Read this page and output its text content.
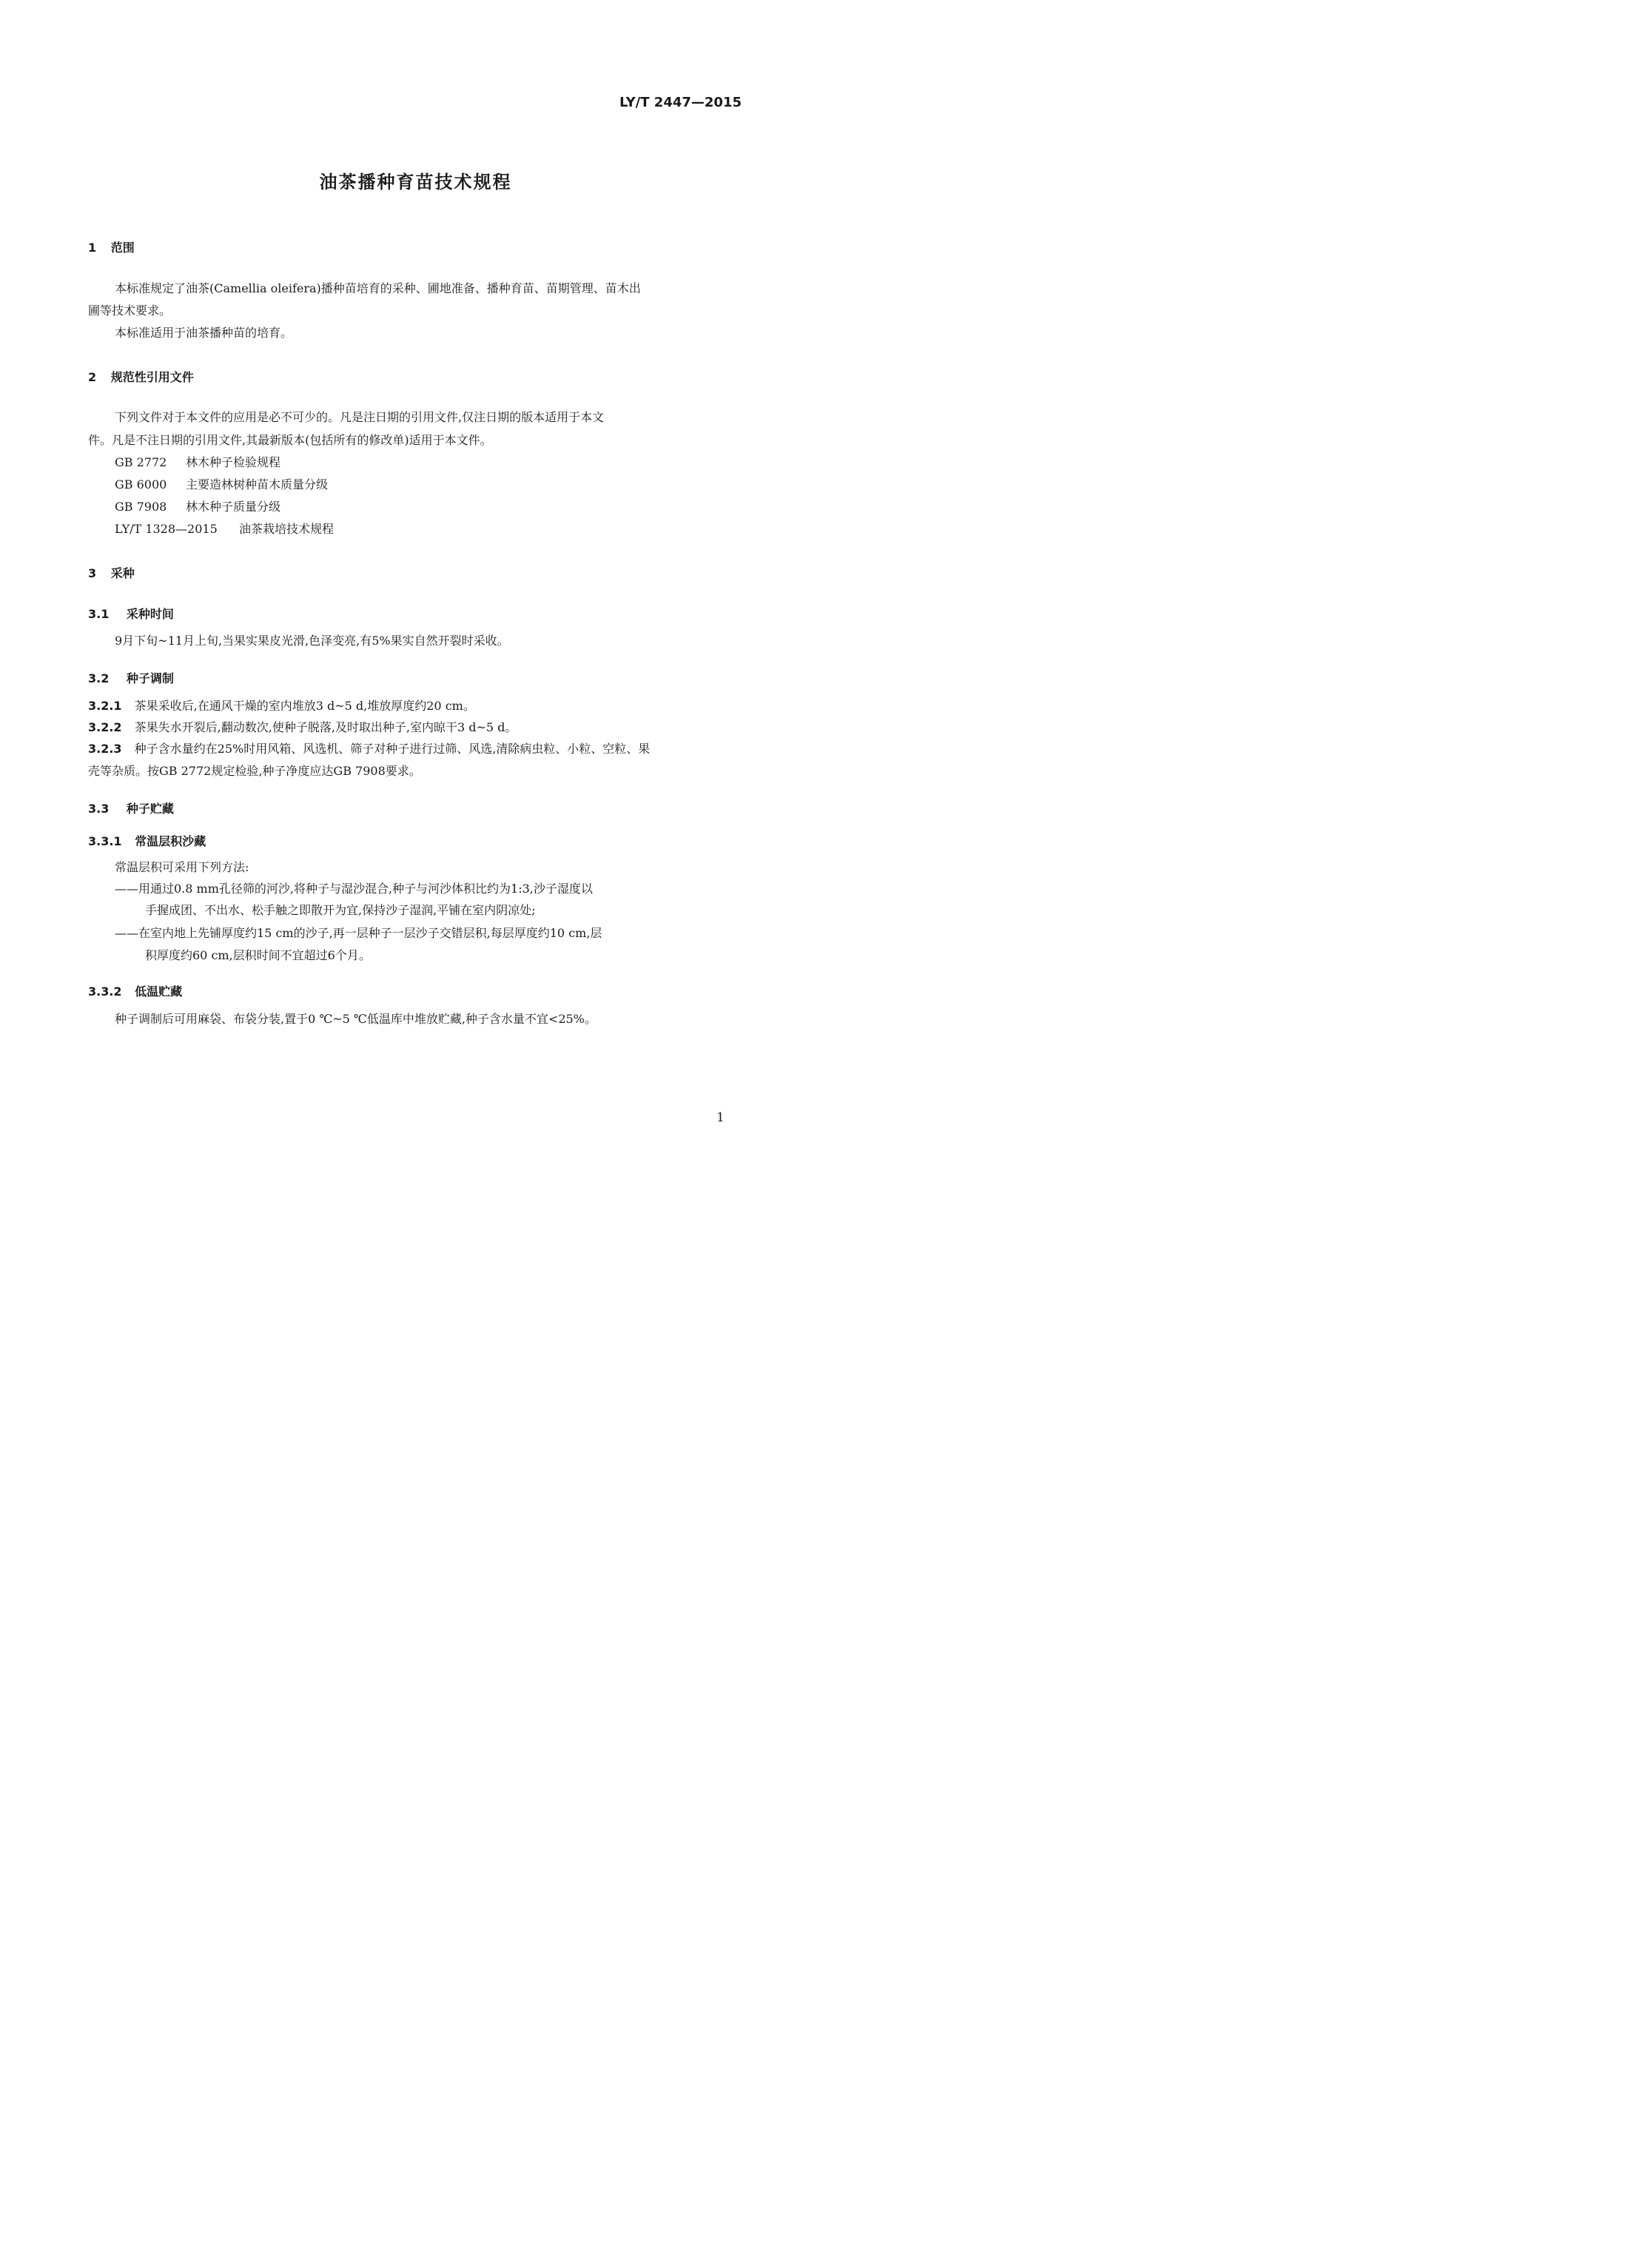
LY/T 2447—2015
油茶播种育苗技术规程
1 范围
本标准规定了油茶(Camellia oleifera)播种苗培育的采种、圃地准备、播种育苗、苗期管理、苗木出
圃等技术要求。
本标准适用于油茶播种苗的培育。
2 规范性引用文件
下列文件对于本文件的应用是必不可少的。凡是注日期的引用文件,仅注日期的版本适用于本文
件。凡是不注日期的引用文件,其最新版本(包括所有的修改单)适用于本文件。
GB 2772 林木种子检验规程
GB 6000 主要造林树种苗木质量分级
GB 7908 林木种子质量分级
LY/T 1328—2015 油茶栽培技术规程
3 采种
3.1 采种时间
9月下旬~11月上旬,当果实果皮光滑,色泽变亮,有5%果实自然开裂时采收。
3.2 种子调制
3.2.1 茶果采收后,在通风干燥的室内堆放3 d~5 d,堆放厚度约20 cm。
3.2.2 茶果失水开裂后,翻动数次,使种子脱落,及时取出种子,室内晾干3 d~5 d。
3.2.3 种子含水量约在25%时用风箱、风选机、筛子对种子进行过筛、风选,清除病虫粒、小粒、空粒、果
壳等杂质。按GB 2772规定检验,种子净度应达GB 7908要求。
3.3 种子贮藏
3.3.1 常温层积沙藏
常温层积可采用下列方法:
——用通过0.8 mm孔径筛的河沙,将种子与湿沙混合,种子与河沙体积比约为1:3,沙子湿度以
手握成团、不出水、松手触之即散开为宜,保持沙子湿润,平铺在室内阴凉处;
——在室内地上先铺厚度约15 cm的沙子,再一层种子一层沙子交错层积,每层厚度约10 cm,层
积厚度约60 cm,层积时间不宜超过6个月。
3.3.2 低温贮藏
种子调制后可用麻袋、布袋分装,置于0 ℃~5 ℃低温库中堆放贮藏,种子含水量不宜<25%。
1
